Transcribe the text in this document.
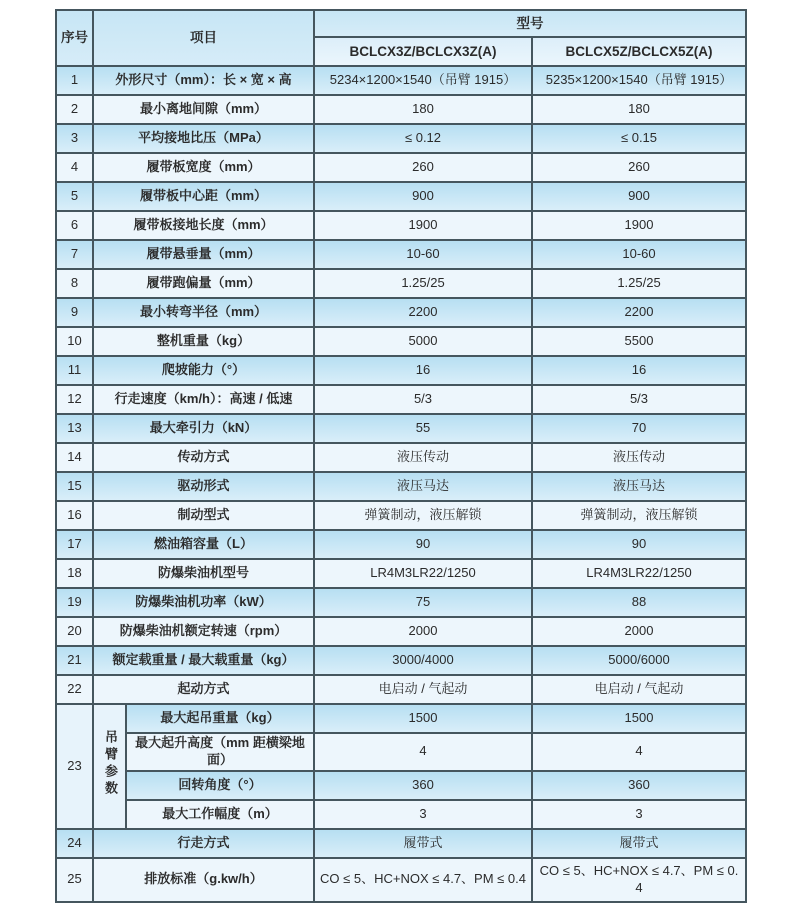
序号	项目		型号	
			BCLCX3Z/BCLCX3Z(A)	BCLCX5Z/BCLCX5Z(A)
1	外形尺寸（mm）：长 × 宽 × 高		5234×1200×1540（吊臂 1915）	5235×1200×1540（吊臂 1915）
2	最小离地间隙（mm）		180	180
3	平均接地比压（MPa）		≤ 0.12	≤ 0.15
4	履带板宽度（mm）		260	260
5	履带板中心距（mm）		900	900
6	履带板接地长度（mm）		1900	1900
7	履带悬垂量（mm）		10-60	10-60
8	履带跑偏量（mm）		1.25/25	1.25/25
9	最小转弯半径（mm）		2200	2200
10	整机重量（kg）		5000	5500
11	爬坡能力（°）		16	16
12	行走速度（km/h）：高速 / 低速		5/3	5/3
13	最大牵引力（kN）		55	70
14	传动方式		液压传动	液压传动
15	驱动形式		液压马达	液压马达
16	制动型式		弹簧制动，液压解锁	弹簧制动，液压解锁
17	燃油箱容量（L）		90	90
18	防爆柴油机型号		LR4M3LR22/1250	LR4M3LR22/1250
19	防爆柴油机功率（kW）		75	88
20	防爆柴油机额定转速（rpm）		2000	2000
21	额定载重量 / 最大载重量（kg）		3000/4000	5000/6000
22	起动方式		电启动 / 气起动	电启动 / 气起动
23	吊臂参数	最大起吊重量（kg）	1500	1500
		最大起升高度（mm 距横梁地面）	4	4
		回转角度（°）	360	360
		最大工作幅度（m）	3	3
24	行走方式		履带式	履带式
25	排放标准（g.kw/h）		CO ≤ 5、HC+NOX ≤ 4.7、PM ≤ 0.4	CO ≤ 5、HC+NOX ≤ 4.7、PM ≤ 0.4
